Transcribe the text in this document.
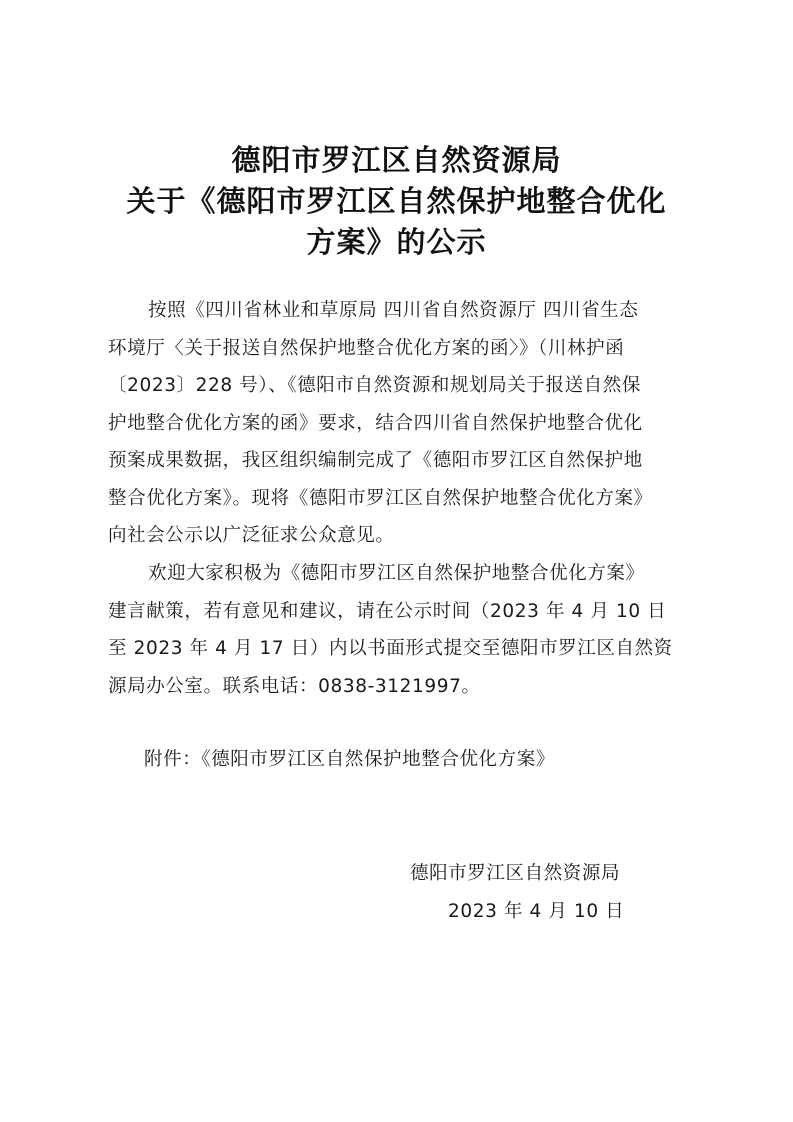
德阳市罗江区自然资源局
关于《德阳市罗江区自然保护地整合优化
方案》的公示
按照《四川省林业和草原局 四川省自然资源厅 四川省生态
环境厅〈关于报送自然保护地整合优化方案的函〉》（川林护函
〔2023〕228 号）、《德阳市自然资源和规划局关于报送自然保
护地整合优化方案的函》要求，结合四川省自然保护地整合优化
预案成果数据，我区组织编制完成了《德阳市罗江区自然保护地
整合优化方案》。现将《德阳市罗江区自然保护地整合优化方案》
向社会公示以广泛征求公众意见。
欢迎大家积极为《德阳市罗江区自然保护地整合优化方案》
建言献策，若有意见和建议，请在公示时间（2023 年 4 月 10 日
至 2023 年 4 月 17 日）内以书面形式提交至德阳市罗江区自然资
源局办公室。联系电话：0838-3121997。
附件：《德阳市罗江区自然保护地整合优化方案》
德阳市罗江区自然资源局
2023 年 4 月 10 日
